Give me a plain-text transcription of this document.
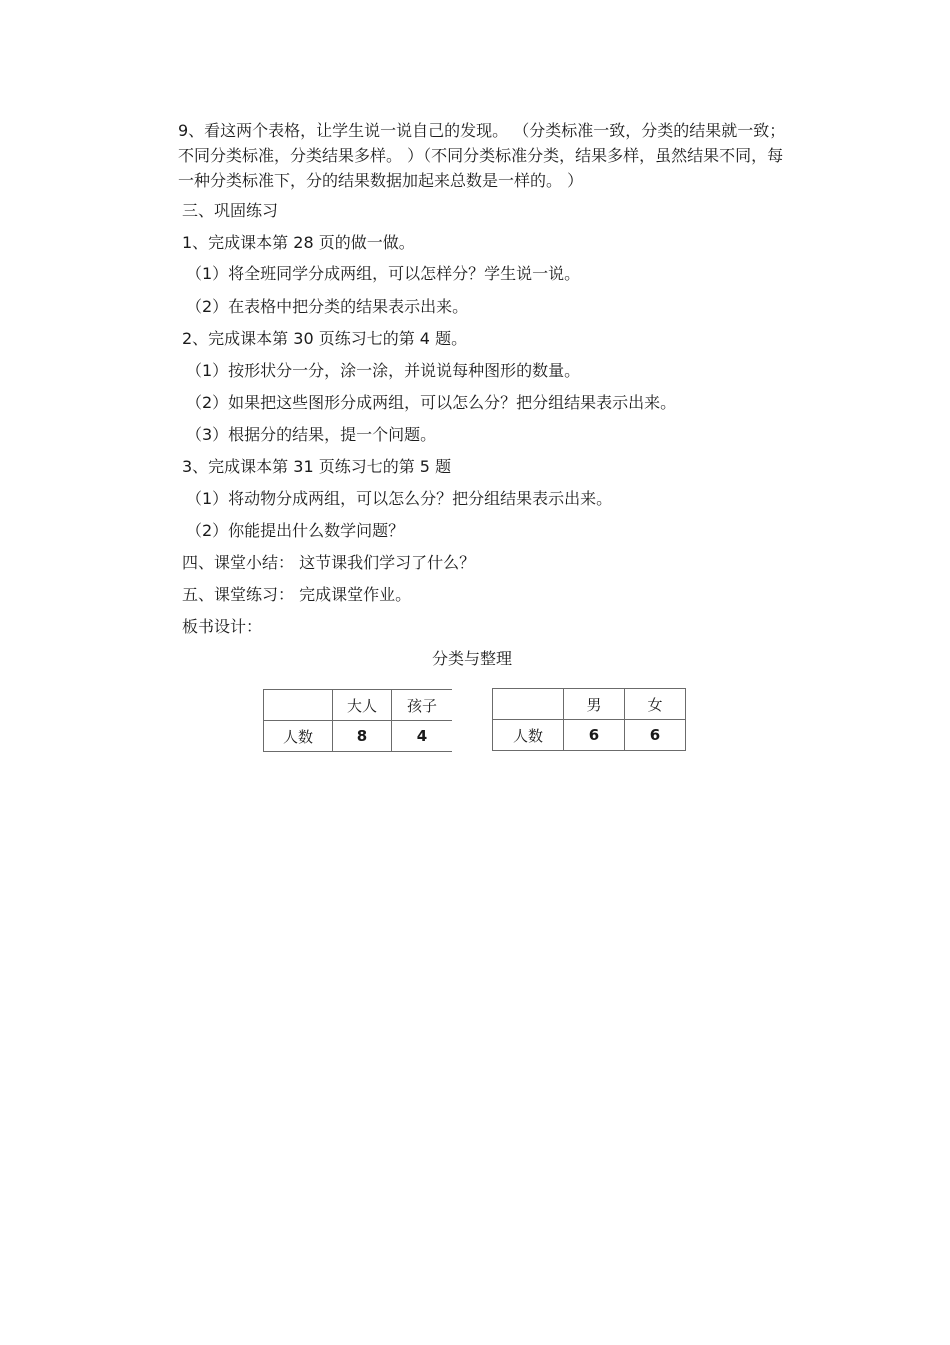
9、看这两个表格，让学生说一说自己的发现。 （分类标准一致，分类的结果就一致；不同分类标准，分类结果多样。 ）（不同分类标准分类，结果多样，虽然结果不同，每一种分类标准下，分的结果数据加起来总数是一样的。 ）

三、巩固练习
1、完成课本第 28 页的做一做。
（1）将全班同学分成两组，可以怎样分？学生说一说。
（2）在表格中把分类的结果表示出来。
2、完成课本第 30 页练习七的第 4 题。
（1）按形状分一分，涂一涂，并说说每种图形的数量。
（2）如果把这些图形分成两组，可以怎么分？把分组结果表示出来。
（3）根据分的结果，提一个问题。
3、完成课本第 31 页练习七的第 5 题
（1）将动物分成两组，可以怎么分？把分组结果表示出来。
（2）你能提出什么数学问题？
四、课堂小结： 这节课我们学习了什么？
五、课堂练习： 完成课堂作业。
板书设计：
分类与整理
	大人	孩子
人数	8	4
	男	女
人数	6	6
